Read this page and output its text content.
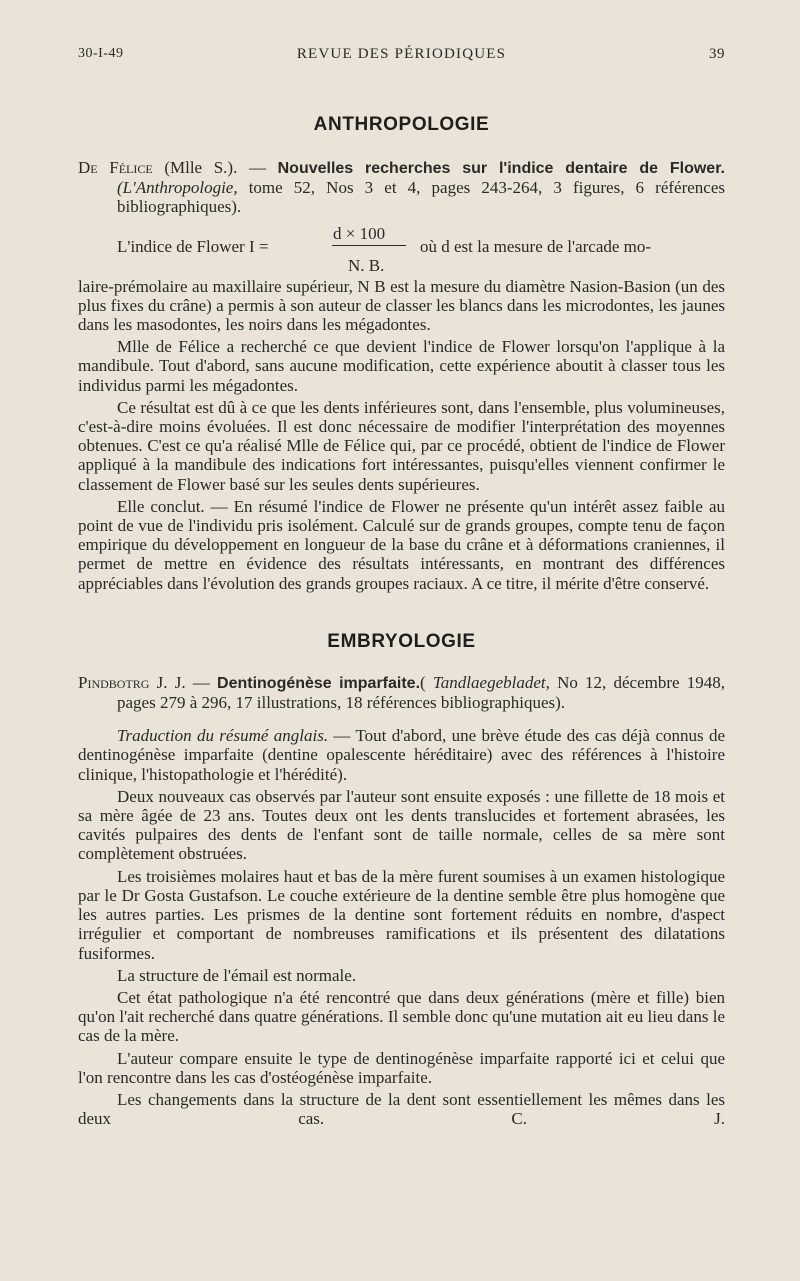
30-I-49	REVUE DES PÉRIODIQUES	39
ANTHROPOLOGIE

De Félice (Mlle S.). — Nouvelles recherches sur l'indice dentaire de Flower. (L'Anthropologie, tome 52, Nos 3 et 4, pages 243-264, 3 figures, 6 références bibliographiques).

d × 100
L'indice de Flower I =	où d est la mesure de l'arcade mo-
N. B.

laire-prémolaire au maxillaire supérieur, N B est la mesure du diamètre Nasion-Basion (un des plus fixes du crâne) a permis à son auteur de classer les blancs dans les microdontes, les jaunes dans les masodontes, les noirs dans les mégadontes.

Mlle de Félice a recherché ce que devient l'indice de Flower lorsqu'on l'applique à la mandibule. Tout d'abord, sans aucune modification, cette expérience aboutit à classer tous les individus parmi les mégadontes.

Ce résultat est dû à ce que les dents inférieures sont, dans l'ensemble, plus volumineuses, c'est-à-dire moins évoluées. Il est donc nécessaire de modifier l'interprétation des moyennes obtenues. C'est ce qu'a réalisé Mlle de Félice qui, par ce procédé, obtient de l'indice de Flower appliqué à la mandibule des indications fort intéressantes, puisqu'elles viennent confirmer le classement de Flower basé sur les seules dents supérieures.

Elle conclut. — En résumé l'indice de Flower ne présente qu'un intérêt assez faible au point de vue de l'individu pris isolément. Calculé sur de grands groupes, compte tenu de façon empirique du développement en longueur de la base du crâne et à déformations craniennes, il permet de mettre en évidence des résultats intéressants, en montrant des différences appréciables dans l'évolution des grands groupes raciaux. A ce titre, il mérite d'être conservé.

EMBRYOLOGIE

Pindbotrg J. J. — Dentinogénèse imparfaite.( Tandlaegebladet, No 12, décembre 1948, pages 279 à 296, 17 illustrations, 18 références bibliographiques).

Traduction du résumé anglais. — Tout d'abord, une brève étude des cas déjà connus de dentinogénèse imparfaite (dentine opalescente héréditaire) avec des références à l'histoire clinique, l'histopathologie et l'hérédité).

Deux nouveaux cas observés par l'auteur sont ensuite exposés : une fillette de 18 mois et sa mère âgée de 23 ans. Toutes deux ont les dents translucides et fortement abrasées, les cavités pulpaires des dents de l'enfant sont de taille normale, celles de sa mère sont complètement obstruées.

Les troisièmes molaires haut et bas de la mère furent soumises à un examen histologique par le Dr Gosta Gustafson. Le couche extérieure de la dentine semble être plus homogène que les autres parties. Les prismes de la dentine sont fortement réduits en nombre, d'aspect irrégulier et comportant de nombreuses ramifications et ils présentent des dilatations fusiformes.

La structure de l'émail est normale.

Cet état pathologique n'a été rencontré que dans deux générations (mère et fille) bien qu'on l'ait recherché dans quatre générations. Il semble donc qu'une mutation ait eu lieu dans le cas de la mère.

L'auteur compare ensuite le type de dentinogénèse imparfaite rapporté ici et celui que l'on rencontre dans les cas d'ostéogénèse imparfaite.

Les changements dans la structure de la dent sont essentiellement les mêmes dans les deux cas.	C. J.
